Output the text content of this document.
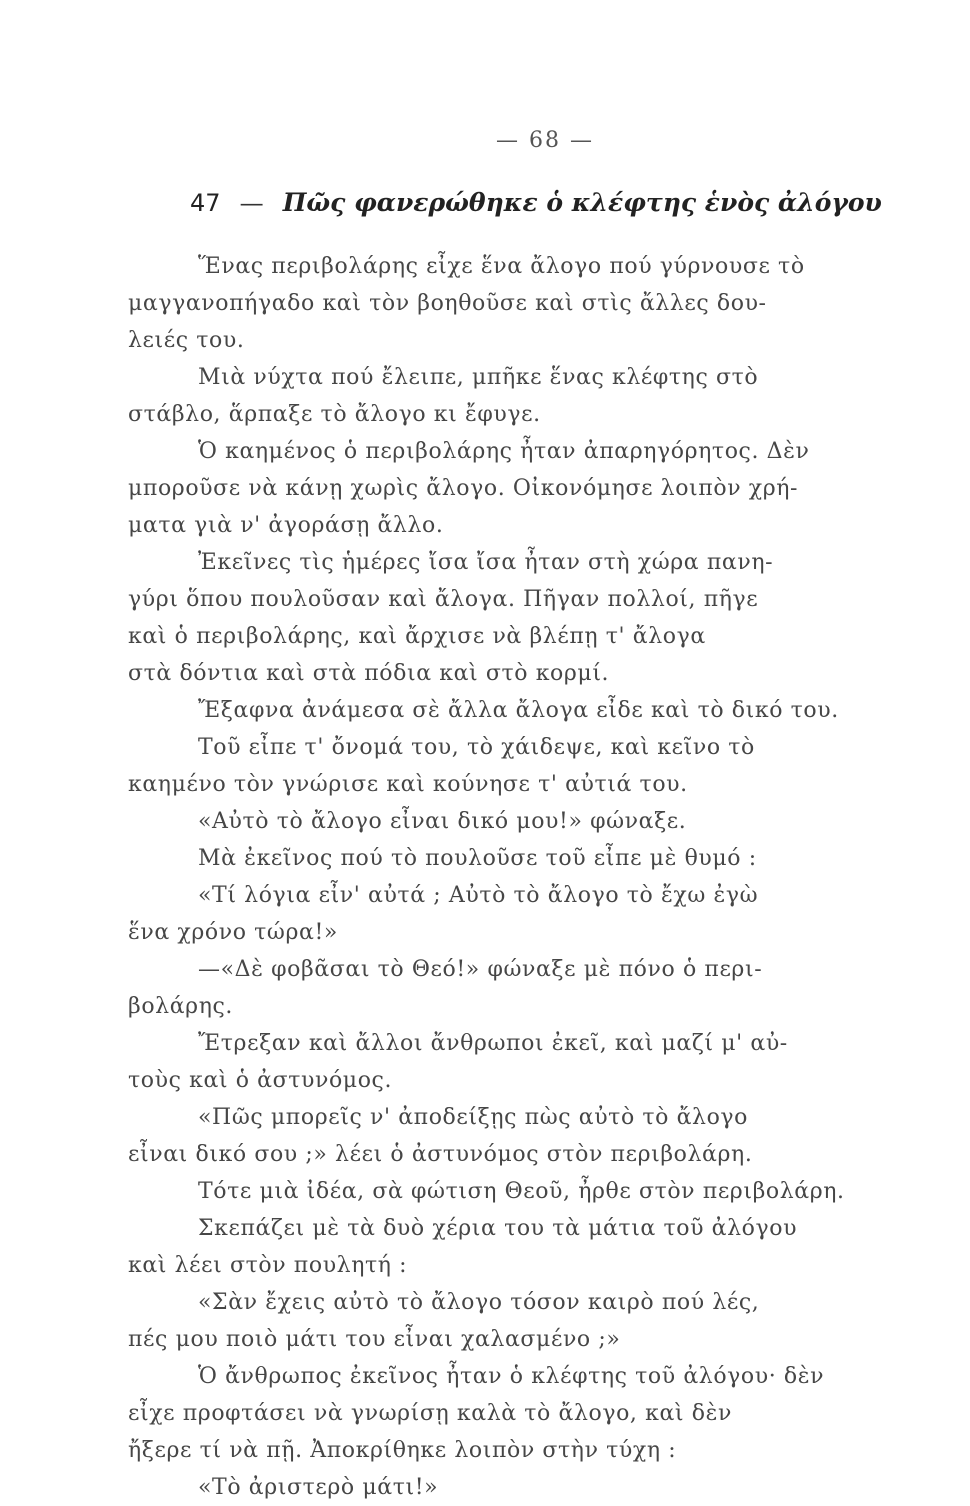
— 68 —
47 — Πῶς φανερώθηκε ὁ κλέφτης ἑνὸς ἀλόγου
Ἕνας περιβολάρης εἶχε ἕνα ἄλογο πού γύρνουσε τὸ
μαγγανοπήγαδο καὶ τὸν βοηθοῦσε καὶ στὶς ἄλλες δου-
λειές του.
Μιὰ νύχτα πού ἔλειπε, μπῆκε ἕνας κλέφτης στὸ
στάβλο, ἅρπαξε τὸ ἄλογο κι ἔφυγε.
Ὁ καημένος ὁ περιβολάρης ἦταν ἀπαρηγόρητος. Δὲν
μποροῦσε νὰ κάνῃ χωρὶς ἄλογο. Οἰκονόμησε λοιπὸν χρή-
ματα γιὰ ν' ἀγοράσῃ ἄλλο.
Ἐκεῖνες τὶς ἡμέρες ἴσα ἴσα ἦταν στὴ χώρα πανη-
γύρι ὅπου πουλοῦσαν καὶ ἄλογα. Πῆγαν πολλοί, πῆγε
καὶ ὁ περιβολάρης, καὶ ἄρχισε νὰ βλέπῃ τ' ἄλογα
στὰ δόντια καὶ στὰ πόδια καὶ στὸ κορμί.
Ἔξαφνα ἀνάμεσα σὲ ἄλλα ἄλογα εἶδε καὶ τὸ δικό του.
Τοῦ εἶπε τ' ὄνομά του, τὸ χάιδεψε, καὶ κεῖνο τὸ
καημένο τὸν γνώρισε καὶ κούνησε τ' αὐτιά του.
«Αὐτὸ τὸ ἄλογο εἶναι δικό μου!» φώναξε.
Μὰ ἐκεῖνος πού τὸ πουλοῦσε τοῦ εἶπε μὲ θυμό :
«Τί λόγια εἶν' αὐτά ; Αὐτὸ τὸ ἄλογο τὸ ἔχω ἐγὼ
ἕνα χρόνο τώρα!»
—«Δὲ φοβᾶσαι τὸ Θεό!» φώναξε μὲ πόνο ὁ περι-
βολάρης.
Ἔτρεξαν καὶ ἄλλοι ἄνθρωποι ἐκεῖ, καὶ μαζί μ' αὐ-
τοὺς καὶ ὁ ἀστυνόμος.
«Πῶς μπορεῖς ν' ἀποδείξῃς πὼς αὐτὸ τὸ ἄλογο
εἶναι δικό σου ;» λέει ὁ ἀστυνόμος στὸν περιβολάρη.
Τότε μιὰ ἰδέα, σὰ φώτιση Θεοῦ, ἦρθε στὸν περιβολάρη.
Σκεπάζει μὲ τὰ δυὸ χέρια του τὰ μάτια τοῦ ἀλόγου
καὶ λέει στὸν πουλητή :
«Σὰν ἔχεις αὐτὸ τὸ ἄλογο τόσον καιρὸ πού λές,
πές μου ποιὸ μάτι του εἶναι χαλασμένο ;»
Ὁ ἄνθρωπος ἐκεῖνος ἦταν ὁ κλέφτης τοῦ ἀλόγου· δὲν
εἶχε προφτάσει νὰ γνωρίσῃ καλὰ τὸ ἄλογο, καὶ δὲν
ἤξερε τί νὰ πῇ. Ἀποκρίθηκε λοιπὸν στὴν τύχη :
«Τὸ ἀριστερὸ μάτι!»
